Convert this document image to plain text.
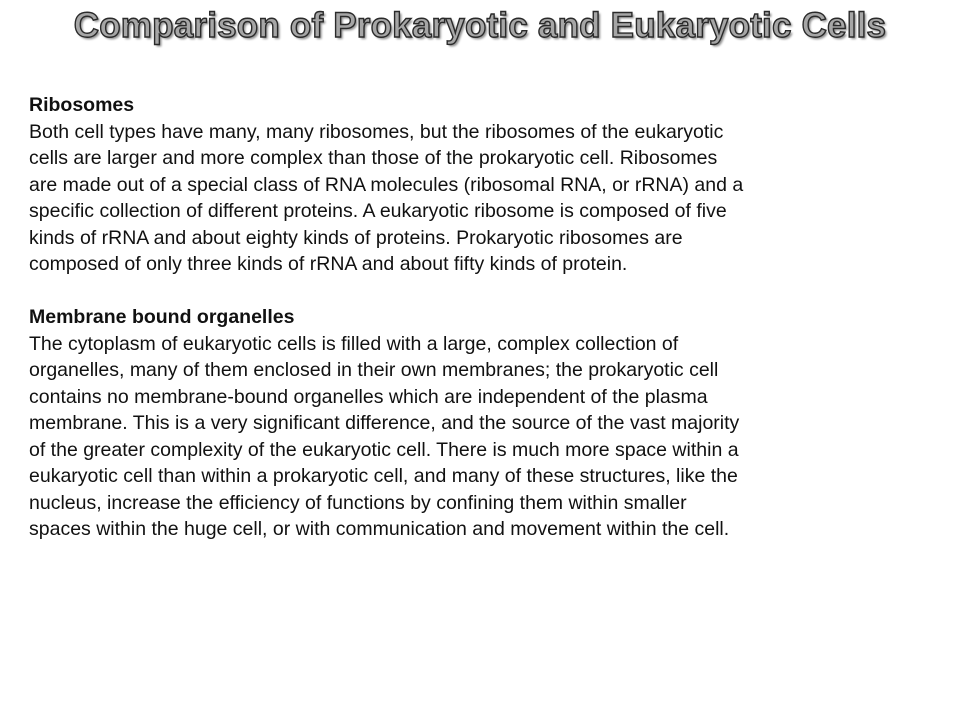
Comparison of Prokaryotic and Eukaryotic Cells
Ribosomes
Both cell types have many, many ribosomes, but the ribosomes of the eukaryotic
cells are larger and more complex than those of the prokaryotic cell. Ribosomes
are made out of a special class of RNA molecules (ribosomal RNA, or rRNA) and a
specific collection of different proteins. A eukaryotic ribosome is composed of five
kinds of rRNA and about eighty kinds of proteins. Prokaryotic ribosomes are
composed of only three kinds of rRNA and about fifty kinds of protein.
Membrane bound organelles
The cytoplasm of eukaryotic cells is filled with a large, complex collection of
organelles, many of them enclosed in their own membranes; the prokaryotic cell
contains no membrane-bound organelles which are independent of the plasma
membrane. This is a very significant difference, and the source of the vast majority
of the greater complexity of the eukaryotic cell. There is much more space within a
eukaryotic cell than within a prokaryotic cell, and many of these structures, like the
nucleus, increase the efficiency of functions by confining them within smaller
spaces within the huge cell, or with communication and movement within the cell.
